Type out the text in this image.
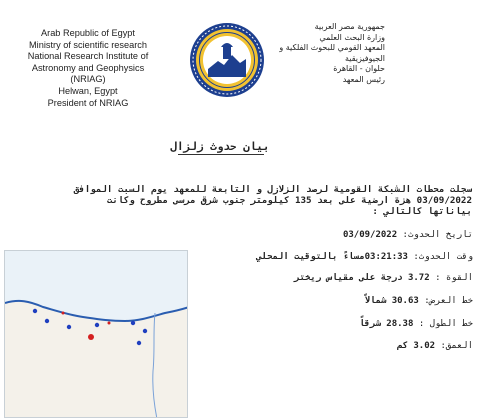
Arab Republic of Egypt
Ministry of scientific research
National Research Institute of
Astronomy and Geophysics
(NRIAG)
Helwan, Egypt
President of NRIAG
جمهورية مصر العربية
وزارة البحث العلمي
المعهد القومي للبحوث الفلكية و
الجيوفيزيقية
حلوان - القاهرة
رئيس المعهد
بيان حدوث زلزال
سجلت محطات الشبكة القومية لرصد الزلازل و التابعة للمعهد يوم السبت الموافق
03/09/2022 هزة أرضية على بعد 135 كيلومتر جنوب شرق مرسى مطروح وكانت
بياناتها كالتالي :
تاريخ الحدوث: 03/09/2022
وقت الحدوث: 03:21:33مساءً بالتوقيت المحلي
القوة : 3.72 درجة على مقياس ريختر
خط العرض: 30.63 شمالاً
خط الطول : 28.38 شرقاً
العمق: 3.02 كم
